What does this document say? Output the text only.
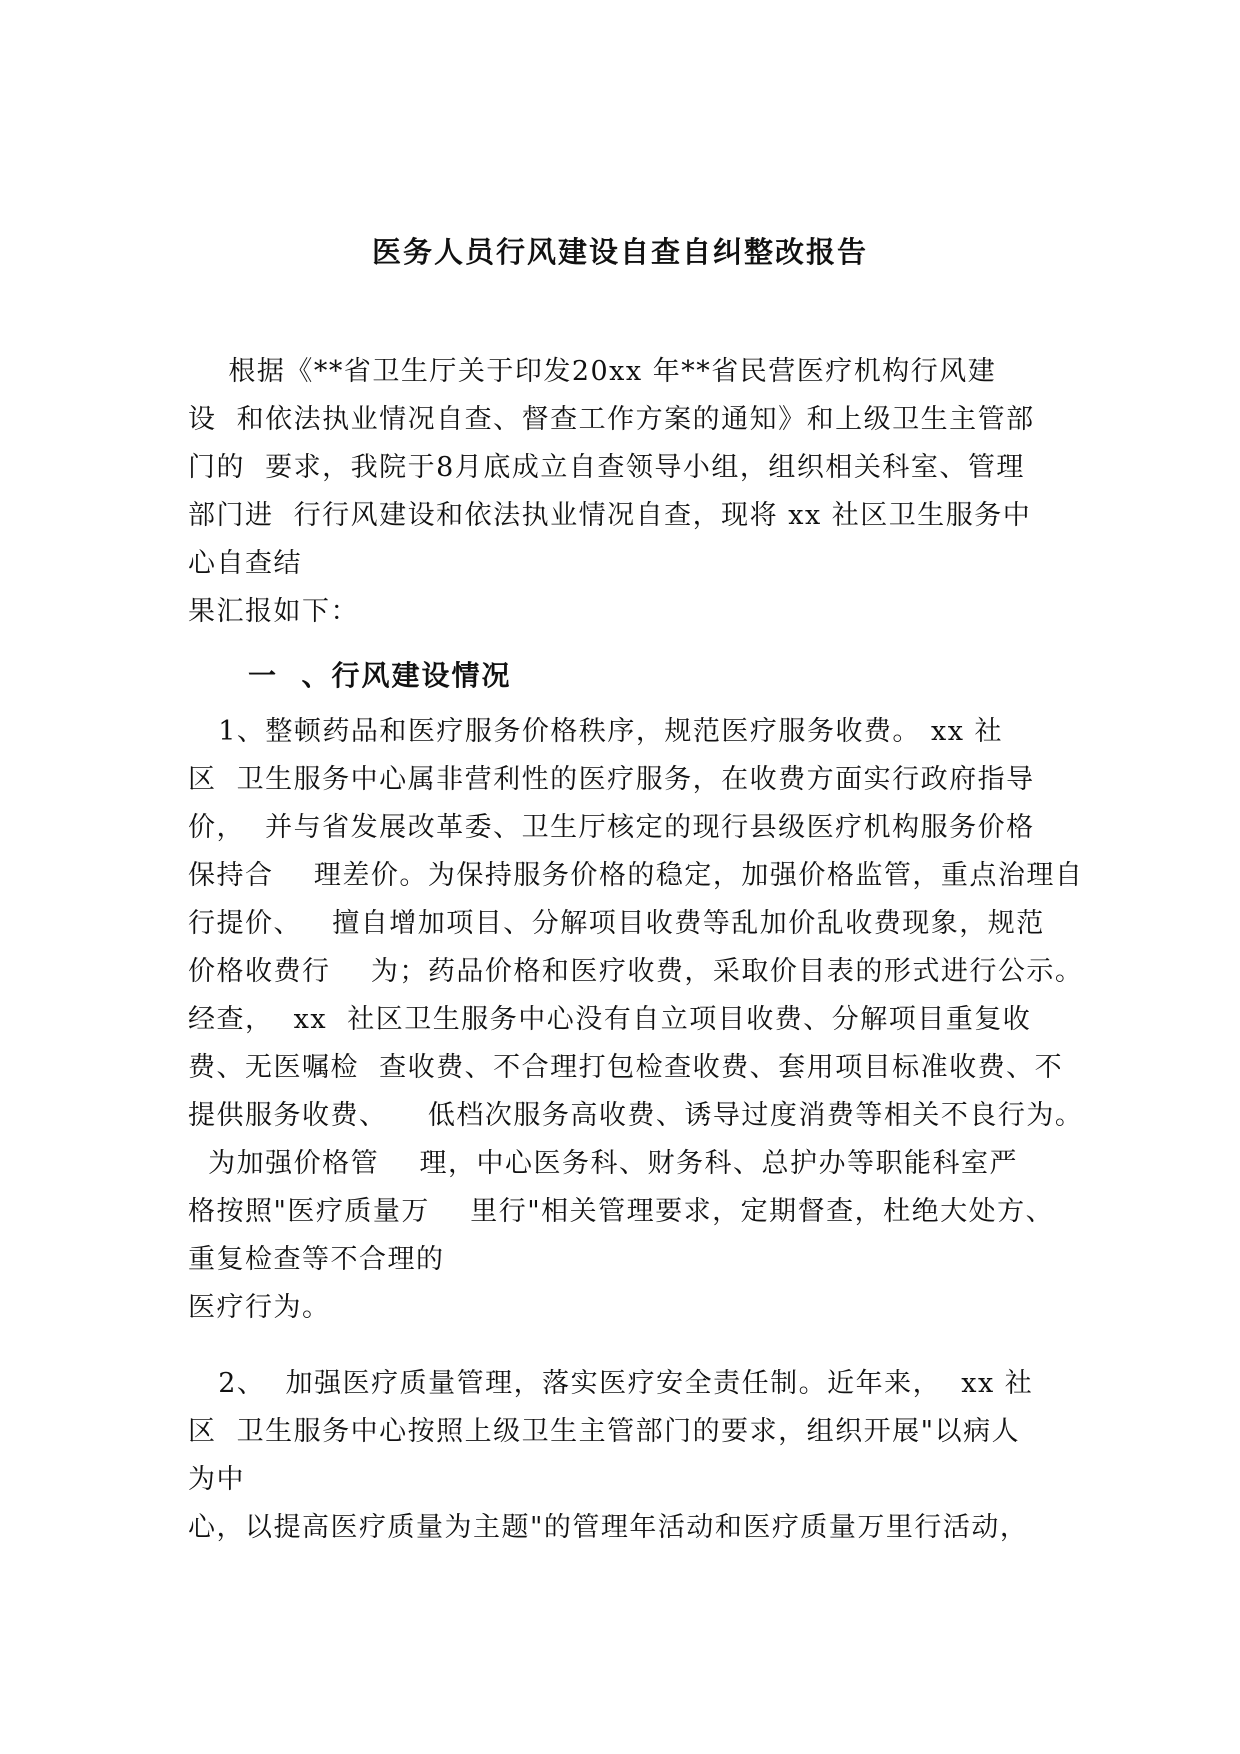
医务人员行风建设自查自纠整改报告
根据《**省卫生厅关于印发20xx 年**省民营医疗机构行风建
设  和依法执业情况自查、督查工作方案的通知》和上级卫生主管部
门的  要求，我院于8月底成立自查领导小组，组织相关科室、管理
部门进  行行风建设和依法执业情况自查，现将 xx 社区卫生服务中
心自查结
果汇报如下：
一  、行风建设情况
1、整顿药品和医疗服务价格秩序，规范医疗服务收费。 xx 社
区  卫生服务中心属非营利性的医疗服务，在收费方面实行政府指导
价，  并与省发展改革委、卫生厅核定的现行县级医疗机构服务价格
保持合    理差价。为保持服务价格的稳定，加强价格监管，重点治理自
行提价、   擅自增加项目、分解项目收费等乱加价乱收费现象，规范
价格收费行    为；药品价格和医疗收费，采取价目表的形式进行公示。
经查，  xx  社区卫生服务中心没有自立项目收费、分解项目重复收
费、无医嘱检  查收费、不合理打包检查收费、套用项目标准收费、不
提供服务收费、    低档次服务高收费、诱导过度消费等相关不良行为。
为加强价格管    理，中心医务科、财务科、总护办等职能科室严
格按照"医疗质量万    里行"相关管理要求，定期督查，杜绝大处方、
重复检查等不合理的
医疗行为。
2、  加强医疗质量管理，落实医疗安全责任制。近年来，  xx 社
区  卫生服务中心按照上级卫生主管部门的要求，组织开展"以病人
为中
心，以提高医疗质量为主题"的管理年活动和医疗质量万里行活动，
